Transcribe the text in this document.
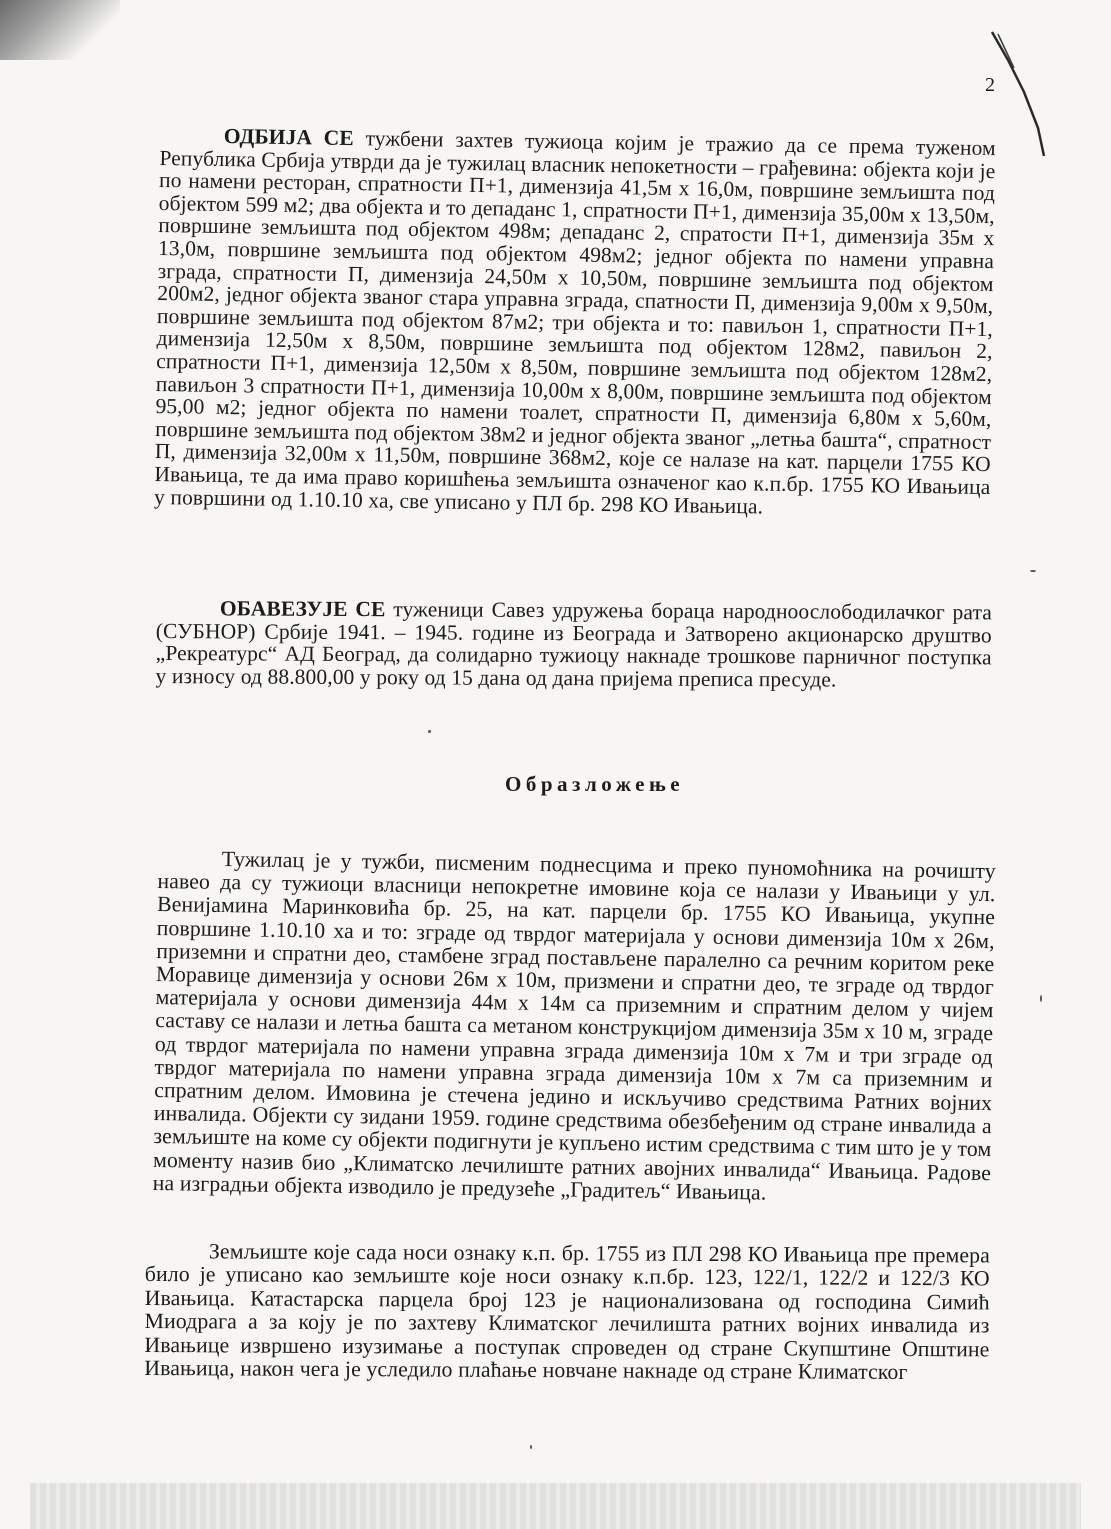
2
ОДБИЈА СЕ тужбени захтев тужиоца којим је тражио да се према туженом Република Србија утврди да је тужилац власник непокетности – грађевина: објекта који је по намени ресторан, спратности П+1, димензија 41,5м х 16,0м, површине земљишта под објектом 599 м2; два објекта и то депаданс 1, спратности П+1, димензија 35,00м х 13,50м, површине земљишта под објектом 498м; депаданс 2, спратости П+1, димензија 35м х 13,0м, површине земљишта под објектом 498м2; једног објекта по намени управна зграда, спратности П, димензија 24,50м х 10,50м, површине земљишта под објектом 200м2, једног објекта званог стара управна зграда, спатности П, димензија 9,00м х 9,50м, површине земљишта под објектом 87м2; три објекта и то: павиљон 1, спратности П+1, димензија 12,50м х 8,50м, површине земљишта под објектом 128м2, павиљон 2, спратности П+1, димензија 12,50м х 8,50м, површине земљишта под објектом 128м2, павиљон 3 спратности П+1, димензија 10,00м х 8,00м, површине земљишта под објектом 95,00 м2; једног објекта по намени тоалет, спратности П, димензија 6,80м х 5,60м, површине земљишта под објектом 38м2 и једног објекта званог „летња башта“, спратност П, димензија 32,00м х 11,50м, површине 368м2, које се налазе на кат. парцели 1755 КО Ивањица, те да има право коришћења земљишта означеног као к.п.бр. 1755 КО Ивањица у површини од 1.10.10 ха, све уписано у ПЛ бр. 298 КО Ивањица.
ОБАВЕЗУЈЕ СЕ туженици Савез удружења бораца народноослободилачког рата (СУБНОР) Србије 1941. – 1945. године из Београда и Затворено акционарско друштво „Рекреатурс“ АД Београд, да солидарно тужиоцу накнаде трошкове парничног поступка у износу од 88.800,00 у року од 15 дана од дана пријема преписа пресуде.
Образложење
Тужилац је у тужби, писменим поднесцима и преко пуномоћника на рочишту навео да су тужиоци власници непокретне имовине која се налази у Ивањици у ул. Венијамина Маринковића бр. 25, на кат. парцели бр. 1755 КО Ивањица, укупне површине 1.10.10 ха и то: зграде од тврдог материјала у основи димензија 10м х 26м, приземни и спратни део, стамбене зград постављене паралелно са речним коритом реке Моравице димензија у основи 26м х 10м, призмени и спратни део, те зграде од тврдог материјала у основи димензија 44м х 14м са приземним и спратним делом у чијем саставу се налази и летња башта са метаном конструкцијом димензија 35м х 10 м, зграде од тврдог материјала по намени управна зграда димензија 10м х 7м и три зграде од тврдог материјала по намени управна зграда димензија 10м х 7м са приземним и спратним делом. Имовина је стечена једино и искључиво средствима Ратних војних инвалида. Објекти су зидани 1959. године средствима обезбеђеним од стране инвалида а земљиште на коме су објекти подигнути је купљено истим средствима с тим што је у том моменту назив био „Климатско лечилиште ратних авојних инвалида“ Ивањица. Радове на изградњи објекта изводило је предузеће „Градитељ“ Ивањица.
Земљиште које сада носи ознаку к.п. бр. 1755 из ПЛ 298 КО Ивањица пре премера било је уписано као земљиште које носи ознаку к.п.бр. 123, 122/1, 122/2 и 122/3 КО Ивањица. Катастарска парцела број 123 је национализована од господина Симић Миодрага а за коју је по захтеву Климатског лечилишта ратних војних инвалида из Ивањице извршено изузимање а поступак спроведен од стране Скупштине Општине Ивањица, након чега је уследило плаћање новчане накнаде од стране Климатског
